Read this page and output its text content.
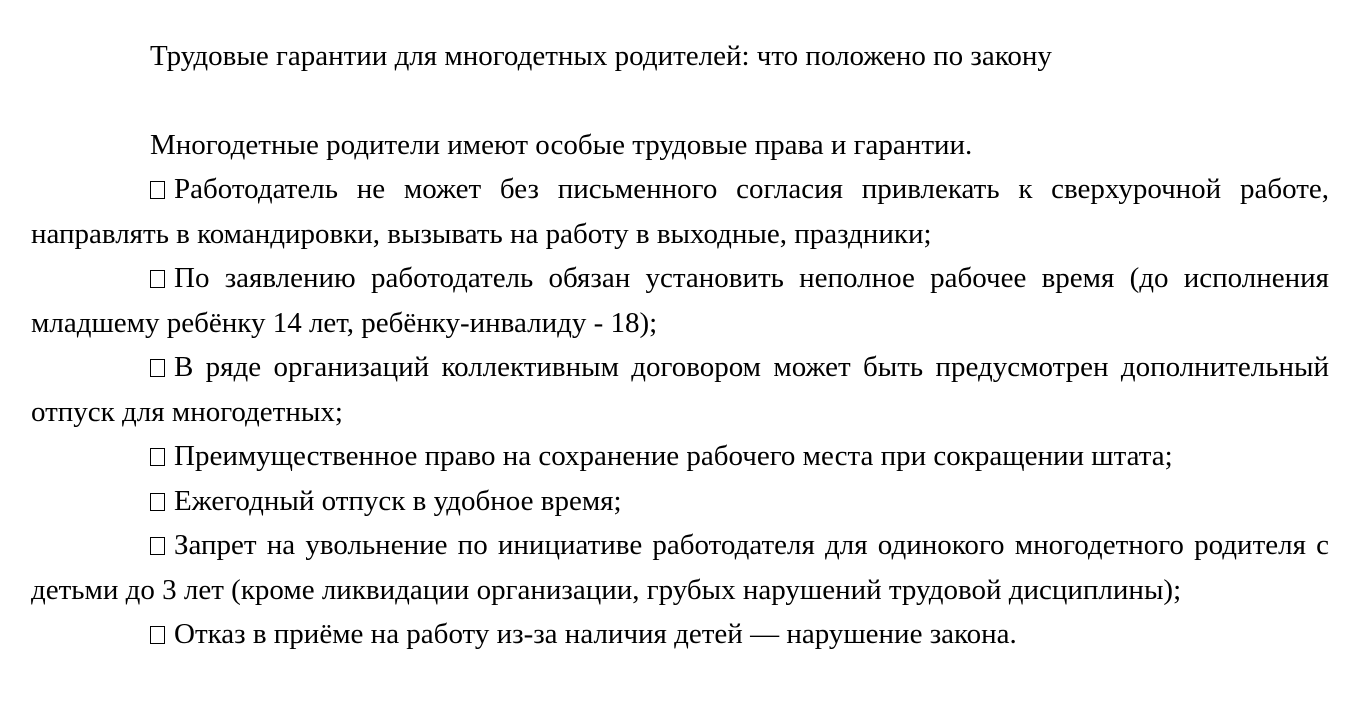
Трудовые гарантии для многодетных родителей: что положено по закону
Многодетные родители имеют особые трудовые права и гарантии.

Работодатель не может без письменного согласия привлекать к сверхурочной работе, направлять в командировки, вызывать на работу в выходные, праздники;

По заявлению работодатель обязан установить неполное рабочее время (до исполнения младшему ребёнку 14 лет, ребёнку-инвалиду - 18);

В ряде организаций коллективным договором может быть предусмотрен дополнительный отпуск для многодетных;

Преимущественное право на сохранение рабочего места при сокращении штата;

Ежегодный отпуск в удобное время;

Запрет на увольнение по инициативе работодателя для одинокого многодетного родителя с детьми до 3 лет (кроме ликвидации организации, грубых нарушений трудовой дисциплины);

Отказ в приёме на работу из-за наличия детей — нарушение закона.
